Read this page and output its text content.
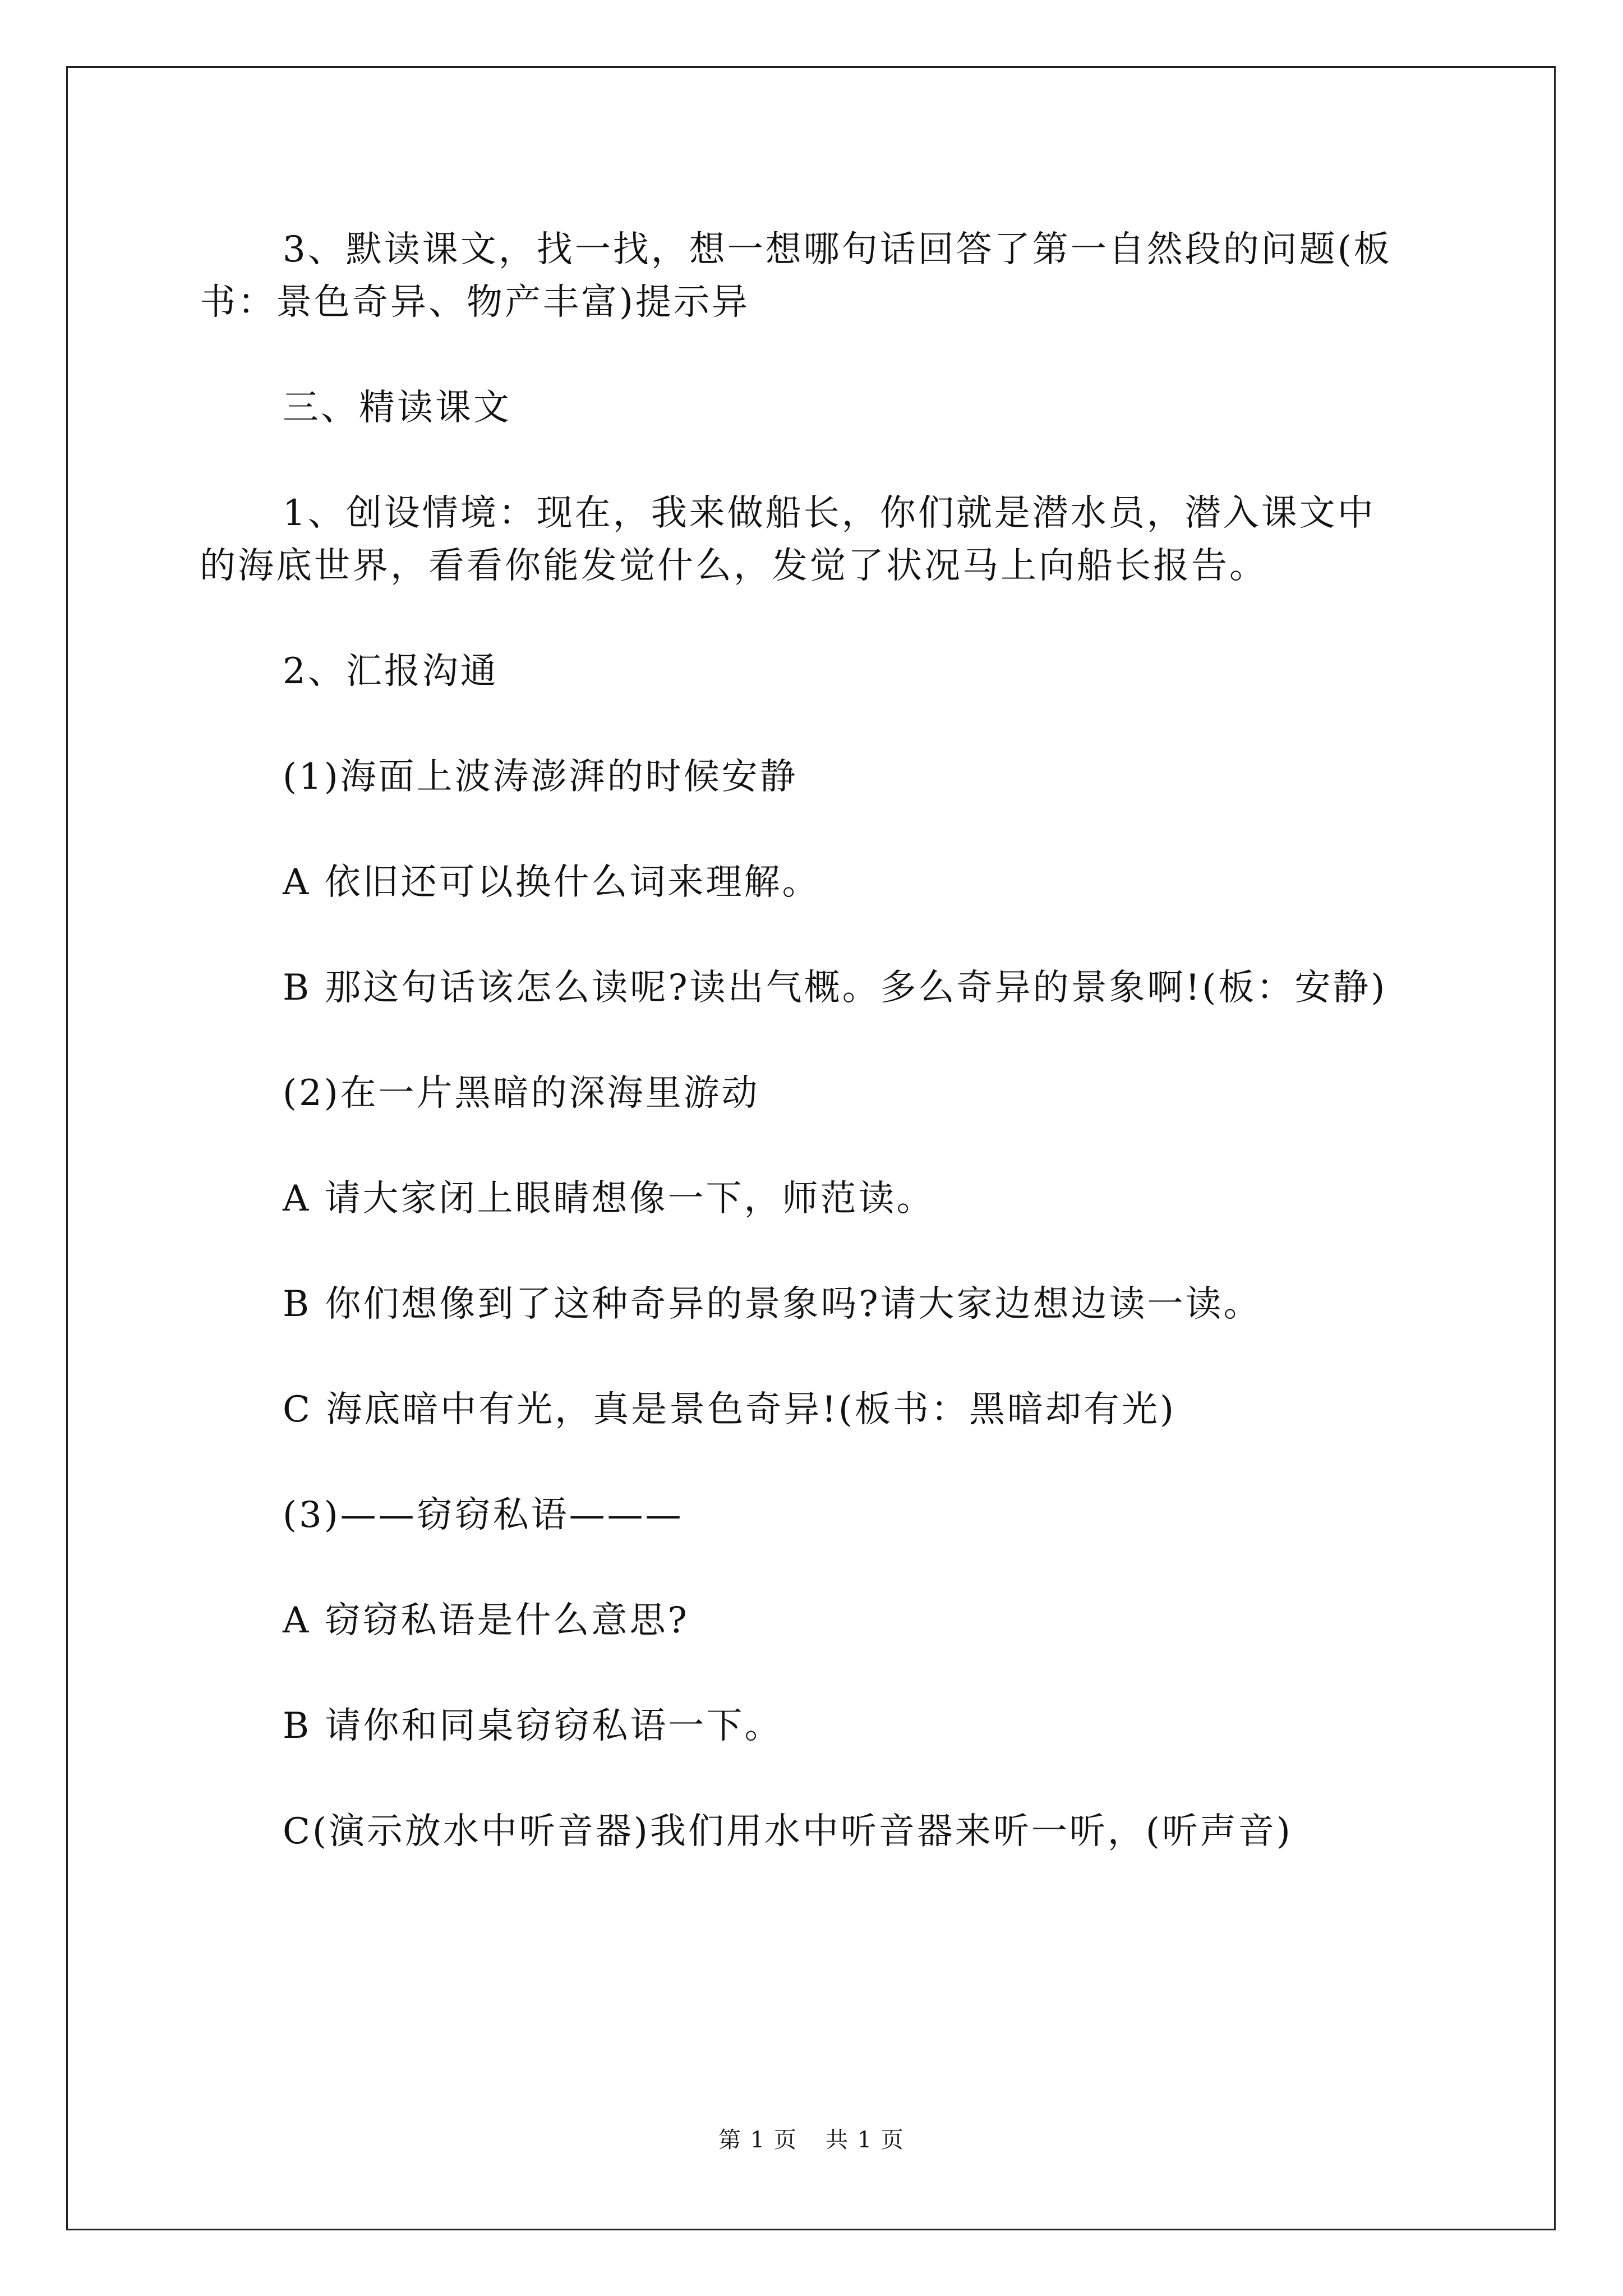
3、默读课文，找一找，想一想哪句话回答了第一自然段的问题(板
书：景色奇异、物产丰富)提示异
三、精读课文
1、创设情境：现在，我来做船长，你们就是潜水员，潜入课文中
的海底世界，看看你能发觉什么，发觉了状况马上向船长报告。
2、汇报沟通
(1)海面上波涛澎湃的时候安静
A 依旧还可以换什么词来理解。
B 那这句话该怎么读呢?读出气概。多么奇异的景象啊!(板：安静)
(2)在一片黑暗的深海里游动
A 请大家闭上眼睛想像一下，师范读。
B 你们想像到了这种奇异的景象吗?请大家边想边读一读。
C 海底暗中有光，真是景色奇异!(板书：黑暗却有光)
(3)——窃窃私语———
A 窃窃私语是什么意思?
B 请你和同桌窃窃私语一下。
C(演示放水中听音器)我们用水中听音器来听一听，(听声音)
第 1 页 共 1 页
